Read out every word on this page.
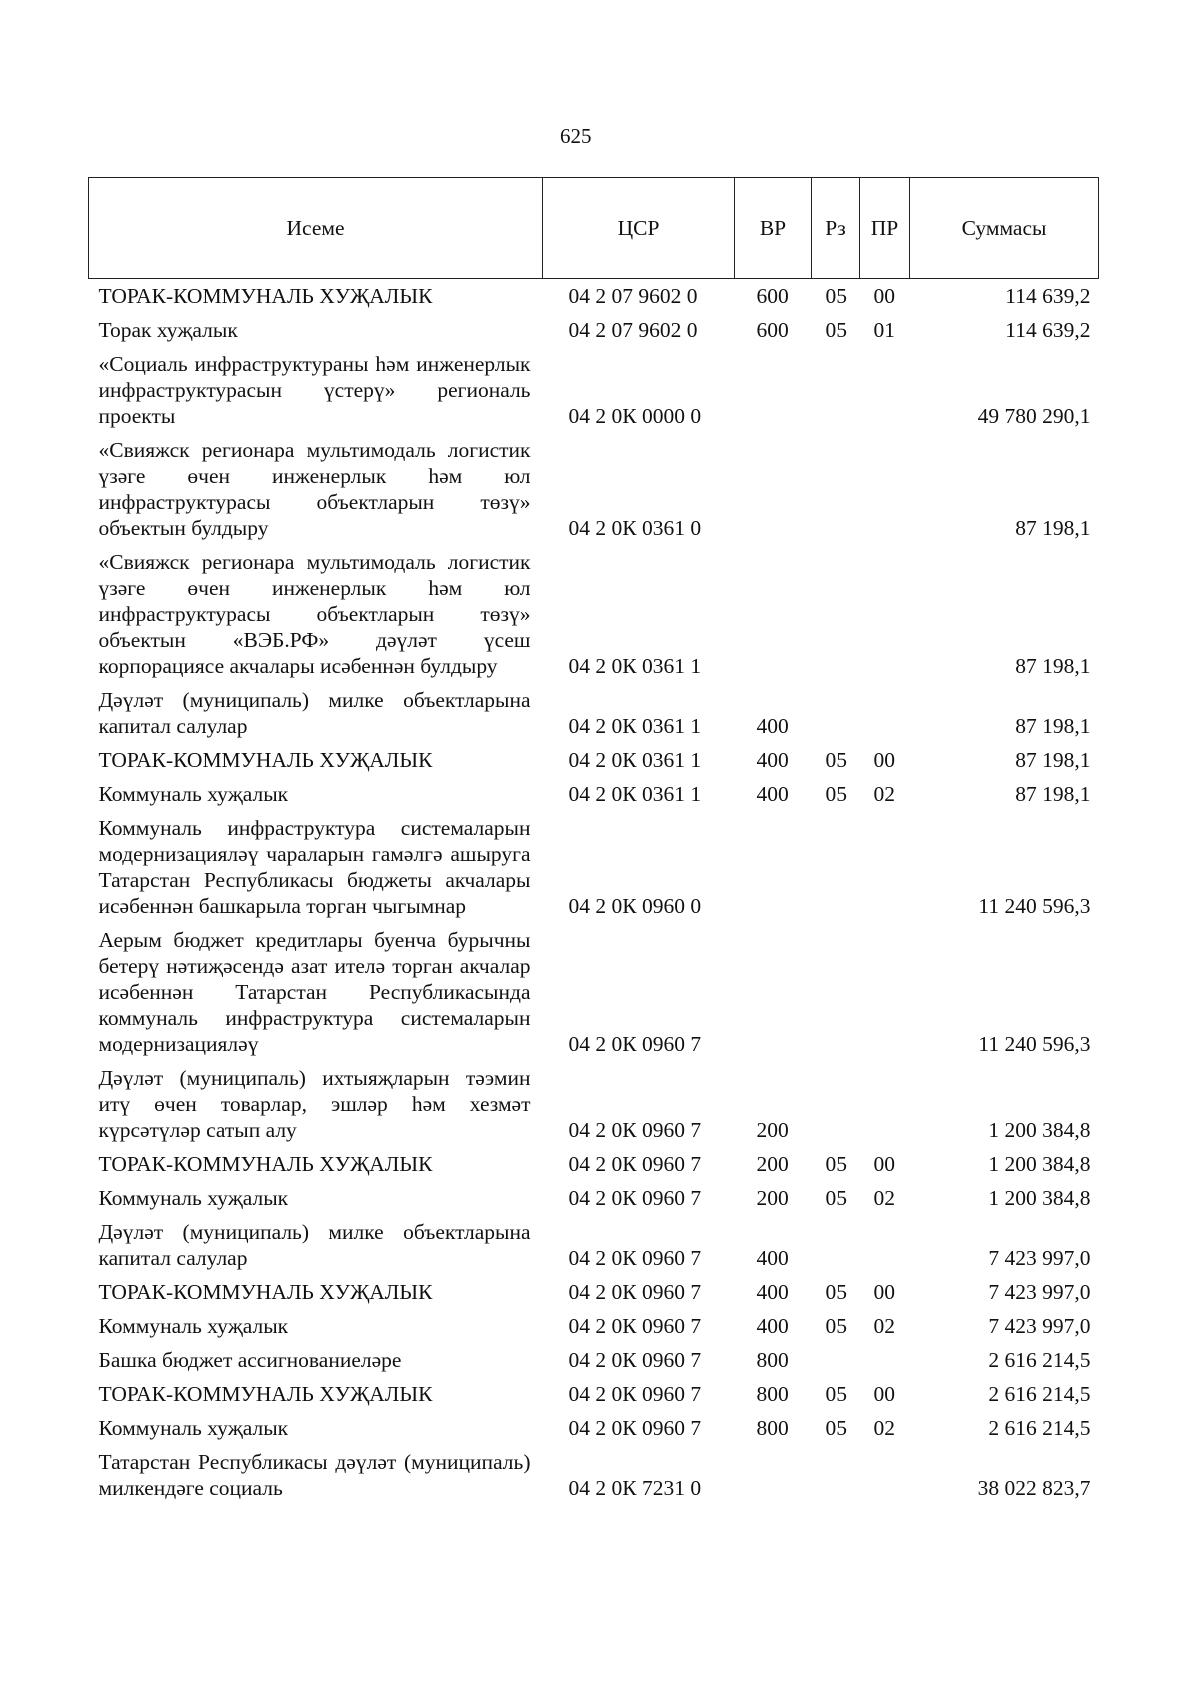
625
Исеме	ЦСР	ВР	Рз	ПР	Суммасы
ТОРАК-КОММУНАЛЬ ХУҖАЛЫК	04 2 07 9602 0	600	05	00	114 639,2
Торак хуҗалык	04 2 07 9602 0	600	05	01	114 639,2
«Социаль инфраструктураны һәм инженерлык инфраструктурасын үстерү» региональ проекты	04 2 0К 0000 0				49 780 290,1
«Свияжск регионара мультимодаль логистик үзәге өчен инженерлык һәм юл инфраструктурасы объектларын төзү» объектын булдыру	04 2 0К 0361 0				87 198,1
«Свияжск регионара мультимодаль логистик үзәге өчен инженерлык һәм юл инфраструктурасы объектларын төзү» объектын «ВЭБ.РФ» дәүләт үсеш корпорациясе акчалары исәбеннән булдыру	04 2 0К 0361 1				87 198,1
Дәүләт (муниципаль) милке объектларына капитал салулар	04 2 0К 0361 1	400			87 198,1
ТОРАК-КОММУНАЛЬ ХУҖАЛЫК	04 2 0К 0361 1	400	05	00	87 198,1
Коммуналь хуҗалык	04 2 0К 0361 1	400	05	02	87 198,1
Коммуналь инфраструктура системаларын модернизацияләү чараларын гамәлгә ашыруга Татарстан Республикасы бюджеты акчалары исәбеннән башкарыла торган чыгымнар	04 2 0К 0960 0				11 240 596,3
Аерым бюджет кредитлары буенча бурычны бетерү нәтиҗәсендә азат ителә торган акчалар исәбеннән Татарстан Республикасында коммуналь инфраструктура системаларын модернизацияләү	04 2 0К 0960 7				11 240 596,3
Дәүләт (муниципаль) ихтыяҗларын тәэмин итү өчен товарлар, эшләр һәм хезмәт күрсәтүләр сатып алу	04 2 0К 0960 7	200			1 200 384,8
ТОРАК-КОММУНАЛЬ ХУҖАЛЫК	04 2 0К 0960 7	200	05	00	1 200 384,8
Коммуналь хуҗалык	04 2 0К 0960 7	200	05	02	1 200 384,8
Дәүләт (муниципаль) милке объектларына капитал салулар	04 2 0К 0960 7	400			7 423 997,0
ТОРАК-КОММУНАЛЬ ХУҖАЛЫК	04 2 0К 0960 7	400	05	00	7 423 997,0
Коммуналь хуҗалык	04 2 0К 0960 7	400	05	02	7 423 997,0
Башка бюджет ассигнованиеләре	04 2 0К 0960 7	800			2 616 214,5
ТОРАК-КОММУНАЛЬ ХУҖАЛЫК	04 2 0К 0960 7	800	05	00	2 616 214,5
Коммуналь хуҗалык	04 2 0К 0960 7	800	05	02	2 616 214,5
Татарстан Республикасы дәүләт (муниципаль) милкендәге социаль	04 2 0К 7231 0				38 022 823,7
